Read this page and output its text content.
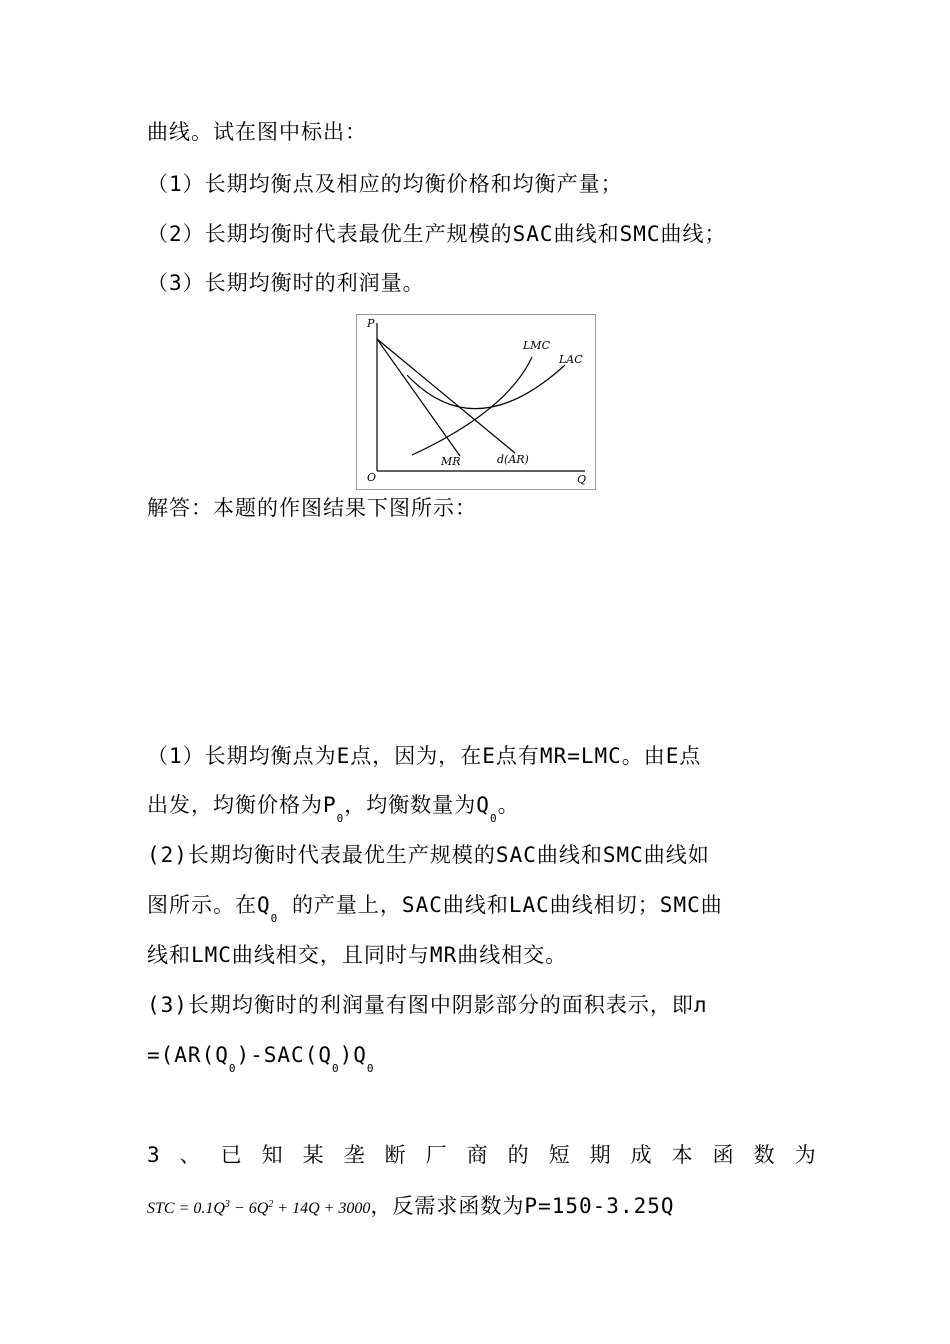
曲线。试在图中标出：
（1）长期均衡点及相应的均衡价格和均衡产量；
（2）长期均衡时代表最优生产规模的SAC曲线和SMC曲线；
（3）长期均衡时的利润量。
P
Q
O
LMC
LAC
MR	d(AR)
解答：本题的作图结果下图所示：
（1）长期均衡点为E点，因为，在E点有MR=LMC。由E点
出发，均衡价格为$P_0$，均衡数量为$Q_0$。
(2)长期均衡时代表最优生产规模的SAC曲线和SMC曲线如
图所示。在$Q_0$ 的产量上，SAC曲线和LAC曲线相切；SMC曲
线和LMC曲线相交，且同时与MR曲线相交。
(3)长期均衡时的利润量有图中阴影部分的面积表示，即л
$=(AR(Q_0)-SAC(Q_0)Q_0$
3、已知某垄断厂商的短期成本函数为
STC = $0.1Q^3 - 6Q^2 + 14Q + 3000$，反需求函数为P=150-3.25Q
